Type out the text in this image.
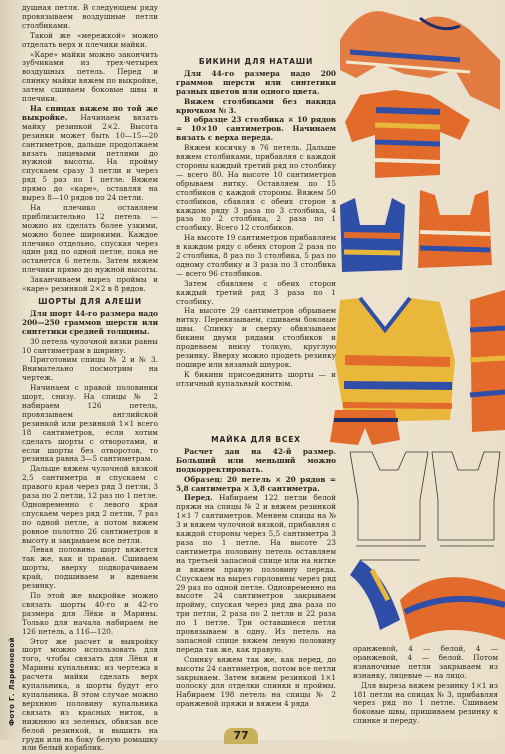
Фото Г. Ларионовой

душная петля. В следующем ряду провязываем воздушные петли столбиками.

Такой же «мережкой» можно отделать верх и плечики майки.

«Каре» майки можно закончить зубчиками из трех-четырех воздушных петель. Перед и спинку майки вяжем по выкройке, затем сшиваем боковые швы и плечики.

На спицах вяжем по той же выкройке. Начинаем вязать майку резинкой 2×2. Высота резинки может быть 10—15—20 сантиметров, дальше продолжаем вязать лицевыми петлями до нужной высоты. На пройму спускаем сразу 3 петли и через ряд 5 раз по 1 петле. Вяжем прямо до «каре», оставляя на вырез 8—10 рядов по 24 петли.

На плечико оставляем приблизительно 12 петель — можно их сделать более узкими, можно более широкими. Каждое плечико отдельно, спуская через один ряд по одной петле, пока не останется 6 петель. Затем вяжем плечики прямо до нужной высоты.

Заканчиваем вырез проймы и «каре» резинкой 2×2 в 8 рядов.

ШОРТЫ ДЛЯ АЛЕШИ

Для шорт 44-го размера надо 200—250 граммов шерсти или синтетики средней толщины.

30 петель чулочной вязки равны 10 сантиметрам в ширину.

Приготовим спицы № 2 и № 3. Внимательно посмотрим на чертеж.

Начинаем с правой половинки шорт, снизу. На спицы № 2 набираем 126 петель, провязываем английской резинкой или резинкой 1×1 всего 18 сантиметров, если хотим сделать шорты с отворотами, и если шорты без отворотов, то резинка равна 3—5 сантиметрам.

Дальше вяжем чулочной вязкой 2,5 сантиметра и спускаем с правого края через ряд 3 петли, 3 раза по 2 петли, 12 раз по 1 петле. Одновременно с левого края спускаем через ряд 2 петли, 7 раз по одной петле, а потом вяжем ровное полотно 26 сантиметров в высоту и закрываем все петли.

Левая половина шорт вяжется так же, как и правая. Сшиваем шорты, вверху подворачиваем край, подшиваем и вдеваем резинку.

По этой же выкройке можно связать шорты 40-го и 42-го размера для Лёки и Марины. Только для начала набираем не 126 петель, а 116—120.

Этот же расчет и выкройку шорт можно использовать для того, чтобы связать для Лёки и Марины купальник: из чертежа в расчета майки сделать верх купальника, а шорты будут его купальника. В этом случае можно верхнюю половину купальника связать из красных ниток, а нижнюю из зеленых, обвязав все белой резинкой, и вышить на груди или на боку белую ромашку или белый кораблик.

БИКИНИ ДЛЯ НАТАШИ

Для 44-го размера надо 200 граммов шерсти или синтетики разных цветов или одного цвета.

Вяжем столбиками без накида крючком № 3.

В образце 23 столбика × 10 рядов = 10×10 сантиметров. Начинаем вязать с верха переда.

Вяжем косичку в 76 петель. Дальше вяжем столбиками, прибавляя с каждой стороны каждый третий ряд по столбику — всего 80. На высоте 10 сантиметров обрываем нитку. Оставляем по 15 столбиков с каждой стороны. Вяжем 50 столбиков, сбавляя с обеих сторон в каждом ряду 3 раза по 3 столбика, 4 раза по 2 столбика, 2 раза по 1 столбику. Всего 12 столбиков.

На высоте 19 сантиметров прибавляем в каждом ряду с обеих сторон 2 раза по 2 столбика, 8 раз по 3 столбика, 5 раз по одному столбику и 3 раза по 3 столбика — всего 96 столбиков.

Затем сбавляем с обеих сторон каждый третий ряд 3 раза по 1 столбику.

На высоте 29 сантиметров обрываем нитку. Перевязываем, сшиваем боковые швы. Спинку и сверху обвязываем бикини двумя рядами столбиков и продеваем внизу толкую, круглую резинку. Вверху можно продеть резинку пошире или вязаный шнурок.

К бикини присоединить шорты — и отличный купальный костюм.

МАЙКА ДЛЯ ВСЕХ

Расчет дан на 42-й размер. Больший или меньший можно подкорректировать.

Образец: 20 петель × 20 рядов = 5,8 сантиметра × 3,8 сантиметра.

Перед. Набираем 122 петли белой пряжи на спицы № 2 и вяжем резинкой 1×1 7 сантиметров. Меняем спицы на № 3 и вяжем чулочной вязкой, прибавляя с каждой стороны через 5,5 сантиметра 3 раза по 1 петле. На высоте 23 сантиметра половину петель оставляем на третьей запасной спице или на нитке и вяжем правую половину переда. Спускаем на вырез горловины через ряд 29 раз по одной петле. Одновременно на высоте 24 сантиметров закрываем пройму, спуская через ряд два раза по три петли, 2 раза по 2 петли и 22 раза по 1 петле. Три оставшиеся петли провязываем в одну. Из петель на запасной спице вяжем левую половину переда так же, как правую.

Спинку вяжем так же, как перед, до высоты 24 сантиметров, потом все петли закрываем. Затем вяжем резинкой 1×1 полоску для отделки спинки и проймы. Набираем 198 петель на спицы № 2 оранжевой пряжи и вяжем 4 ряда

оранжевой, 4 — белой, 4 — оранжевой, 4 — белой. Потом изнаночные петли закрываем из изнанку, лицевые — на лицо.

Для выреза вяжем резинку 1×1 из 181 петли на спицах № 3, прибавляя через ряд по 1 петле. Сшиваем боковые швы, пришиваем резинку к спинке и переду.

77
